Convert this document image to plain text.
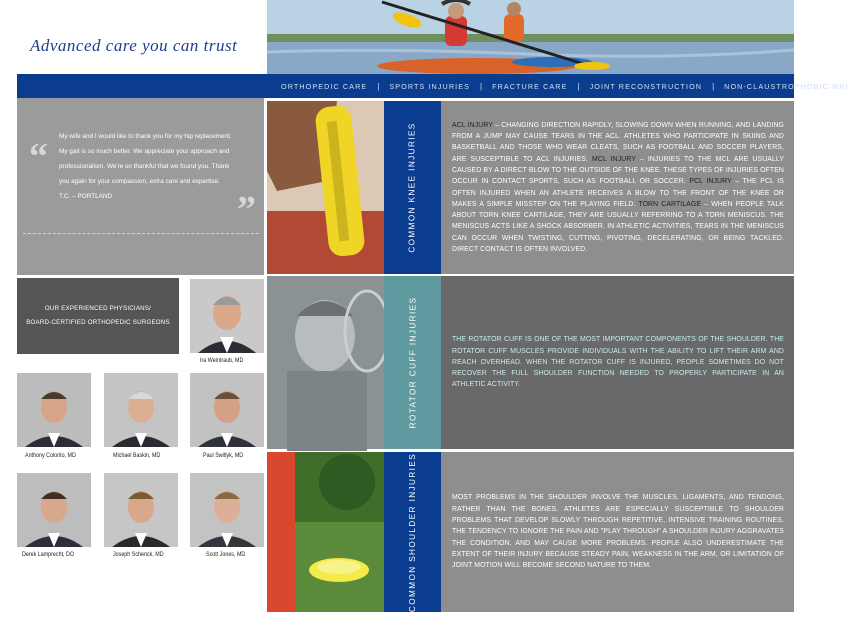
Advanced care you can trust
ORTHOPEDIC CARE | SPORTS INJURIES | FRACTURE CARE | JOINT RECONSTRUCTION | NON-CLAUSTROPHOBIC MRI
“ My wife and I would like to thank you for my hip replacement. My gait is so much better. We appreciate your approach and professionalism. We're so thankful that we found you. Thank you again for your compassion, extra care and expertise.
T.C. – PORTLAND	”
OUR EXPERIENCED PHYSICIANS/
BOARD-CERTIFIED ORTHOPEDIC SURGEONS
Ira Weintraub, MD
Anthony Colorito, MD	Michael Baskin, MD	Paul Switlyk, MD
Derek Lamprecht, DO	Joseph Schenck, MD	Scott Jones, MD
COMMON KNEE INJURIES	ACL INJURY – CHANGING DIRECTION RAPIDLY, SLOWING DOWN WHEN RUNNING, AND LANDING FROM A JUMP MAY CAUSE TEARS IN THE ACL. ATHLETES WHO PARTICIPATE IN SKIING AND BASKETBALL AND THOSE WHO WEAR CLEATS, SUCH AS FOOTBALL AND SOCCER PLAYERS, ARE SUSCEPTIBLE TO ACL INJURIES. MCL INJURY – INJURIES TO THE MCL ARE USUALLY CAUSED BY A DIRECT BLOW TO THE OUTSIDE OF THE KNEE. THESE TYPES OF INJURIES OFTEN OCCUR IN CONTACT SPORTS, SUCH AS FOOTBALL OR SOCCER. PCL INJURY – THE PCL IS OFTEN INJURED WHEN AN ATHLETE RECEIVES A BLOW TO THE FRONT OF THE KNEE OR MAKES A SIMPLE MISSTEP ON THE PLAYING FIELD. TORN CARTILAGE – WHEN PEOPLE TALK ABOUT TORN KNEE CARTILAGE, THEY ARE USUALLY REFERRING TO A TORN MENISCUS. THE MENISCUS ACTS LIKE A SHOCK ABSORBER. IN ATHLETIC ACTIVITIES, TEARS IN THE MENISCUS CAN OCCUR WHEN TWISTING, CUTTING, PIVOTING, DECELERATING, OR BEING TACKLED. DIRECT CONTACT IS OFTEN INVOLVED.

ROTATOR CUFF INJURIES	THE ROTATOR CUFF IS ONE OF THE MOST IMPORTANT COMPONENTS OF THE SHOULDER. THE ROTATOR CUFF MUSCLES PROVIDE INDIVIDUALS WITH THE ABILITY TO LIFT THEIR ARM AND REACH OVERHEAD. WHEN THE ROTATOR CUFF IS INJURED, PEOPLE SOMETIMES DO NOT RECOVER THE FULL SHOULDER FUNCTION NEEDED TO PROPERLY PARTICIPATE IN AN ATHLETIC ACTIVITY.

COMMON SHOULDER INJURIES	MOST PROBLEMS IN THE SHOULDER INVOLVE THE MUSCLES, LIGAMENTS, AND TENDONS, RATHER THAN THE BONES. ATHLETES ARE ESPECIALLY SUSCEPTIBLE TO SHOULDER PROBLEMS THAT DEVELOP SLOWLY THROUGH REPETITIVE, INTENSIVE TRAINING ROUTINES. THE TENDENCY TO IGNORE THE PAIN AND "PLAY THROUGH" A SHOULDER INJURY AGGRAVATES THE CONDITION, AND MAY CAUSE MORE PROBLEMS. PEOPLE ALSO UNDERESTIMATE THE EXTENT OF THEIR INJURY BECAUSE STEADY PAIN, WEAKNESS IN THE ARM, OR LIMITATION OF JOINT MOTION WILL BECOME SECOND NATURE TO THEM.
